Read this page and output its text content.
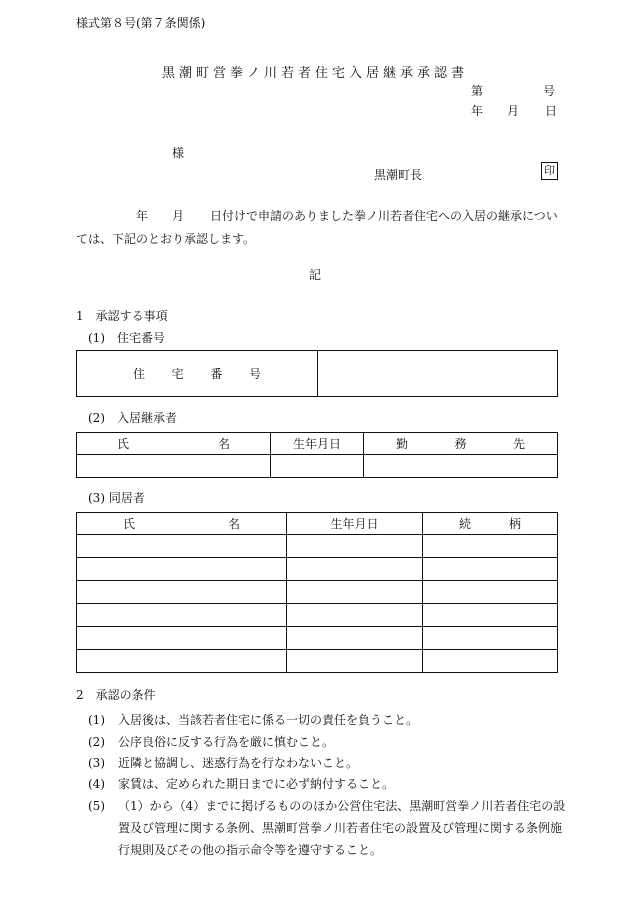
様式第８号(第７条関係)
黒潮町営拳ノ川若者住宅入居継承承認書
第	号
年 月 日
様
黒潮町長	印
年 月 日付けで申請のありました拳ノ川若者住宅への入居の継承については、下記のとおり承認します。
記
1　承認する事項
(1)　住宅番号
住 宅 番 号

(2)　入居継承者
氏 名	生年月日	勤 務 先

(3) 同居者
氏 名	生年月日	続 柄

2　承認の条件
(1) 入居後は、当該若者住宅に係る一切の責任を負うこと。
(2) 公序良俗に反する行為を厳に慎むこと。
(3) 近隣と協調し、迷惑行為を行なわないこと。
(4) 家賃は、定められた期日までに必ず納付すること。
(5) （1）から（4）までに掲げるもののほか公営住宅法、黒潮町営拳ノ川若者住宅の設置及び管理に関する条例、黒潮町営拳ノ川若者住宅の設置及び管理に関する条例施行規則及びその他の指示命令等を遵守すること。
